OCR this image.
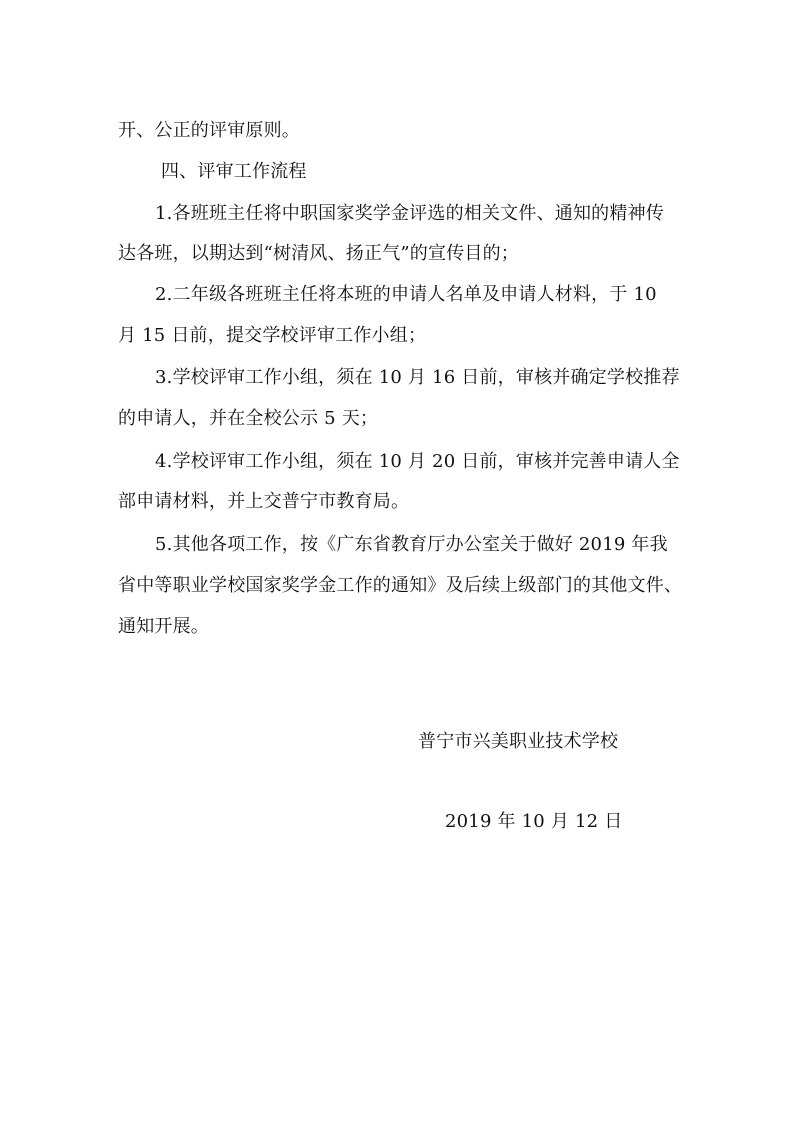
开、公正的评审原则。
四、评审工作流程
1.各班班主任将中职国家奖学金评选的相关文件、通知的精神传
达各班，以期达到“树清风、扬正气”的宣传目的；
2.二年级各班班主任将本班的申请人名单及申请人材料，于 10
月 15 日前，提交学校评审工作小组；
3.学校评审工作小组，须在 10 月 16 日前，审核并确定学校推荐
的申请人，并在全校公示 5 天；
4.学校评审工作小组，须在 10 月 20 日前，审核并完善申请人全
部申请材料，并上交普宁市教育局。
5.其他各项工作，按《广东省教育厅办公室关于做好 2019 年我
省中等职业学校国家奖学金工作的通知》及后续上级部门的其他文件、
通知开展。
普宁市兴美职业技术学校
2019 年 10 月 12 日
